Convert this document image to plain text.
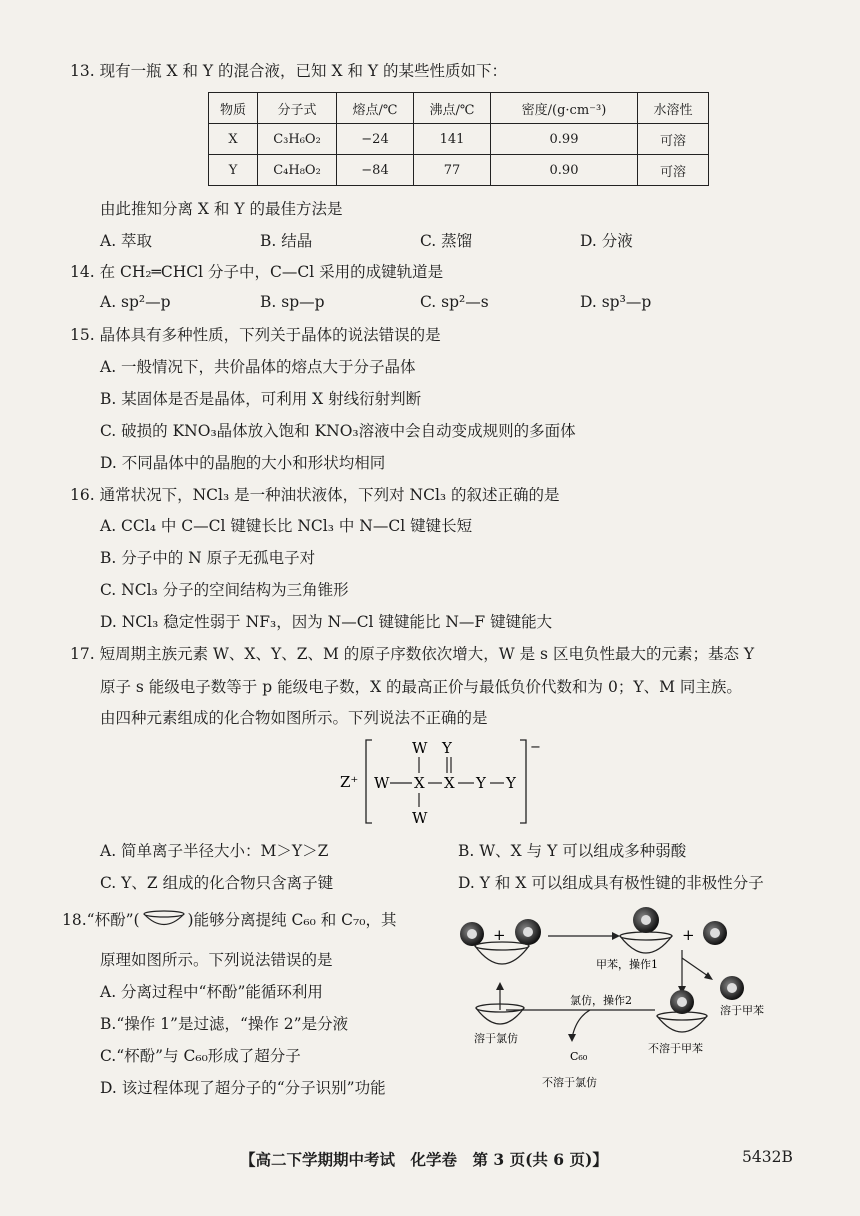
13. 现有一瓶 X 和 Y 的混合液，已知 X 和 Y 的某些性质如下：
物质	分子式	熔点/℃	沸点/℃	密度/(g·cm⁻³)	水溶性
X	C₃H₆O₂	−24	141	0.99	可溶
Y	C₄H₈O₂	−84	77	0.90	可溶
由此推知分离 X 和 Y 的最佳方法是
A. 萃取	B. 结晶	C. 蒸馏	D. 分液
14. 在 CH₂═CHCl 分子中，C—Cl 采用的成键轨道是
A. sp²—p	B. sp—p	C. sp²—s	D. sp³—p
15. 晶体具有多种性质，下列关于晶体的说法错误的是
A. 一般情况下，共价晶体的熔点大于分子晶体
B. 某固体是否是晶体，可利用 X 射线衍射判断
C. 破损的 KNO₃晶体放入饱和 KNO₃溶液中会自动变成规则的多面体
D. 不同晶体中的晶胞的大小和形状均相同
16. 通常状况下，NCl₃ 是一种油状液体，下列对 NCl₃ 的叙述正确的是
A. CCl₄ 中 C—Cl 键键长比 NCl₃ 中 N—Cl 键键长短
B. 分子中的 N 原子无孤电子对
C. NCl₃ 分子的空间结构为三角锥形
D. NCl₃ 稳定性弱于 NF₃，因为 N—Cl 键键能比 N—F 键键能大
17. 短周期主族元素 W、X、Y、Z、M 的原子序数依次增大，W 是 s 区电负性最大的元素；基态 Y
原子 s 能级电子数等于 p 能级电子数，X 的最高正价与最低负价代数和为 0；Y、M 同主族。
由四种元素组成的化合物如图所示。下列说法不正确的是
Z⁺
−
W Y
W X X Y Y
W
A. 简单离子半径大小：M＞Y＞Z	B. W、X 与 Y 可以组成多种弱酸
C. Y、Z 组成的化合物只含离子键	D. Y 和 X 可以组成具有极性键的非极性分子
18.“杯酚”(	)能够分离提纯 C₆₀ 和 C₇₀，其
原理如图所示。下列说法错误的是
A. 分离过程中“杯酚”能循环利用
B.“操作 1”是过滤，“操作 2”是分液
C.“杯酚”与 C₆₀形成了超分子
D. 该过程体现了超分子的“分子识别”功能
+	+
甲苯，操作1
溶于甲苯
不溶于甲苯
氯仿，操作2
C₆₀
不溶于氯仿
溶于氯仿
【高二下学期期中考试　化学卷　第 3 页(共 6 页)】	5432B
